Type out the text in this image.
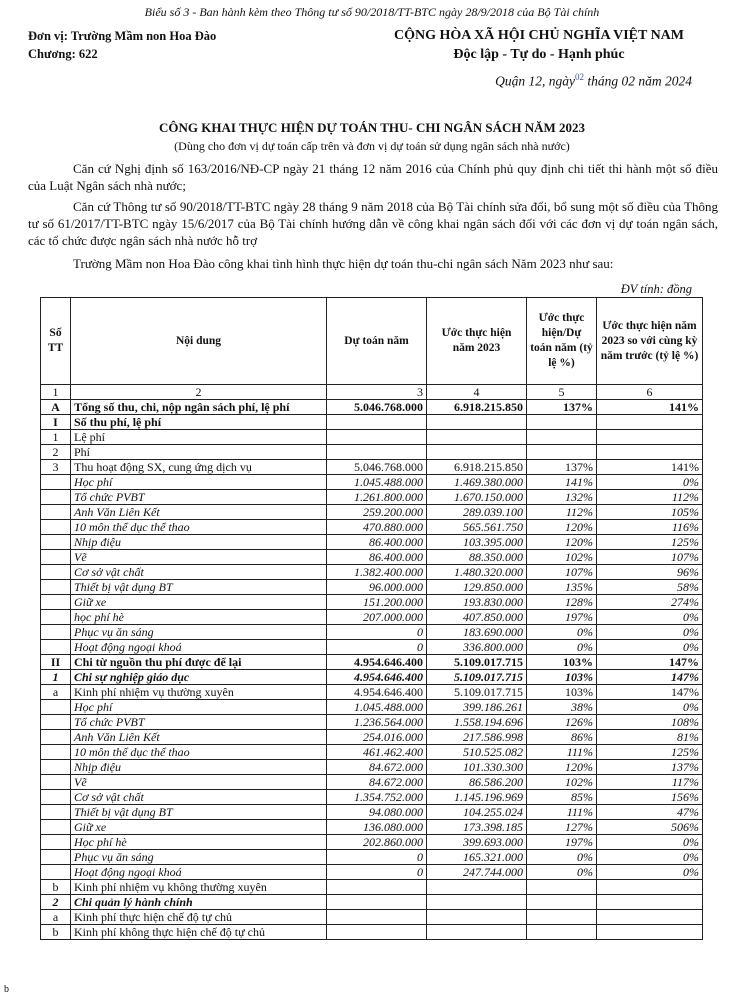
Biểu số 3 - Ban hành kèm theo Thông tư số 90/2018/TT-BTC ngày 28/9/2018 của Bộ Tài chính
Đơn vị: Trường Mầm non Hoa Đào
Chương: 622
CỘNG HÒA XÃ HỘI CHỦ NGHĨA VIỆT NAM
Độc lập - Tự do - Hạnh phúc
Quận 12, ngày$^{02}$ tháng 02 năm 2024
CÔNG KHAI THỰC HIỆN DỰ TOÁN THU- CHI NGÂN SÁCH NĂM 2023
(Dùng cho đơn vị dự toán cấp trên và đơn vị dự toán sử dụng ngân sách nhà nước)
Căn cứ Nghị định số 163/2016/NĐ-CP ngày 21 tháng 12 năm 2016 của Chính phủ quy định chi tiết thi hành một số điều của Luật Ngân sách nhà nước;
Căn cứ Thông tư số 90/2018/TT-BTC ngày 28 tháng 9 năm 2018 của Bộ Tài chính sửa đổi, bổ sung một số điều của Thông tư số 61/2017/TT-BTC ngày 15/6/2017 của Bộ Tài chính hướng dẫn về công khai ngân sách đối với các đơn vị dự toán ngân sách, các tổ chức được ngân sách nhà nước hỗ trợ
Trường Mầm non Hoa Đào công khai tình hình thực hiện dự toán thu-chi ngân sách Năm 2023 như sau:
ĐV tính: đồng
Số TT	Nội dung	Dự toán năm	Ước thực hiện năm 2023	Ước thực hiện/Dự toán năm (tỷ lệ %)	Ước thực hiện năm 2023 so với cùng kỳ năm trước (tỷ lệ %)
1	2	3	4	5	6
A	Tổng số thu, chi, nộp ngân sách phí, lệ phí	5.046.768.000	6.918.215.850	137%	141%
I	Số thu phí, lệ phí				
1	Lệ phí				
2	Phí				
3	Thu hoạt động SX, cung ứng dịch vụ	5.046.768.000	6.918.215.850	137%	141%
	Học phí	1.045.488.000	1.469.380.000	141%	0%
	Tổ chức PVBT	1.261.800.000	1.670.150.000	132%	112%
	Anh Văn Liên Kết	259.200.000	289.039.100	112%	105%
	10 môn thể dục thể thao	470.880.000	565.561.750	120%	116%
	Nhịp điệu	86.400.000	103.395.000	120%	125%
	Vẽ	86.400.000	88.350.000	102%	107%
	Cơ sở vật chất	1.382.400.000	1.480.320.000	107%	96%
	Thiết bị vật dụng BT	96.000.000	129.850.000	135%	58%
	Giữ xe	151.200.000	193.830.000	128%	274%
	học phí hè	207.000.000	407.850.000	197%	0%
	Phục vụ ăn sáng	0	183.690.000	0%	0%
	Hoạt động ngoại khoá	0	336.800.000	0%	0%
II	Chi từ nguồn thu phí được để lại	4.954.646.400	5.109.017.715	103%	147%
1	Chi sự nghiệp giáo dục	4.954.646.400	5.109.017.715	103%	147%
a	Kinh phí nhiệm vụ thường xuyên	4.954.646.400	5.109.017.715	103%	147%
	Học phí	1.045.488.000	399.186.261	38%	0%
	Tổ chức PVBT	1.236.564.000	1.558.194.696	126%	108%
	Anh Văn Liên Kết	254.016.000	217.586.998	86%	81%
	10 môn thể dục thể thao	461.462.400	510.525.082	111%	125%
	Nhịp điệu	84.672.000	101.330.300	120%	137%
	Vẽ	84.672.000	86.586.200	102%	117%
	Cơ sở vật chất	1.354.752.000	1.145.196.969	85%	156%
	Thiết bị vật dụng BT	94.080.000	104.255.024	111%	47%
	Giữ xe	136.080.000	173.398.185	127%	506%
	Học phí hè	202.860.000	399.693.000	197%	0%
	Phục vụ ăn sáng	0	165.321.000	0%	0%
	Hoạt động ngoại khoá	0	247.744.000	0%	0%
b	Kinh phí nhiệm vụ không thường xuyên				
2	Chi quản lý hành chính				
a	Kinh phí thực hiện chế độ tự chủ				
b	Kinh phí không thực hiện chế độ tự chủ				
b
